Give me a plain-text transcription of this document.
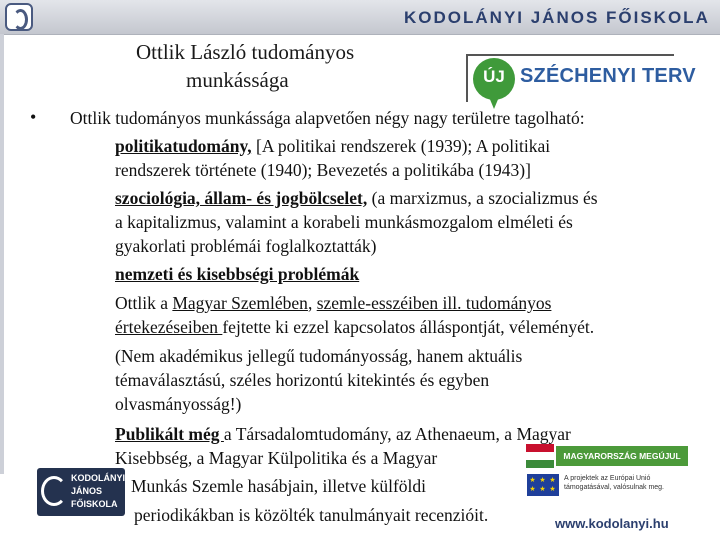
KODOLÁNYI JÁNOS FŐISKOLA
Ottlik László tudományos
munkássága	ÚJ SZÉCHENYI TERV
• Ottlik tudományos munkássága alapvetően négy nagy területre tagolható:
politikatudomány, [A politikai rendszerek (1939); A politikai
rendszerek története (1940); Bevezetés a politikába (1943)]
szociológia, állam- és jogbölcselet, (a marxizmus, a szocializmus és
a kapitalizmus, valamint a korabeli munkásmozgalom elméleti és
gyakorlati problémái foglalkoztatták)
nemzeti és kisebbségi problémák
Ottlik a Magyar Szemlében, szemle-esszéiben ill. tudományos
értekezéseiben fejtette ki ezzel kapcsolatos álláspontját, véleményét.
(Nem akadémikus jellegű tudományosság, hanem aktuális
témaválasztású, széles horizontú kitekintés és egyben
olvasmányosság!)
Publikált még a Társadalomtudomány, az Athenaeum, a Magyar
Kisebbség, a Magyar Külpolitika és a Magyar
KODOLÁNYI JÁNOS FŐISKOLA
Munkás Szemle hasábjain, illetve külföldi
periodikákban is közölték tanulmányait recenzióit.
MAGYARORSZÁG MEGÚJUL
★ ★ ★ ★ ★ ★
A projektek az Európai Unió támogatásával, valósulnak meg.
www.kodolanyi.hu
